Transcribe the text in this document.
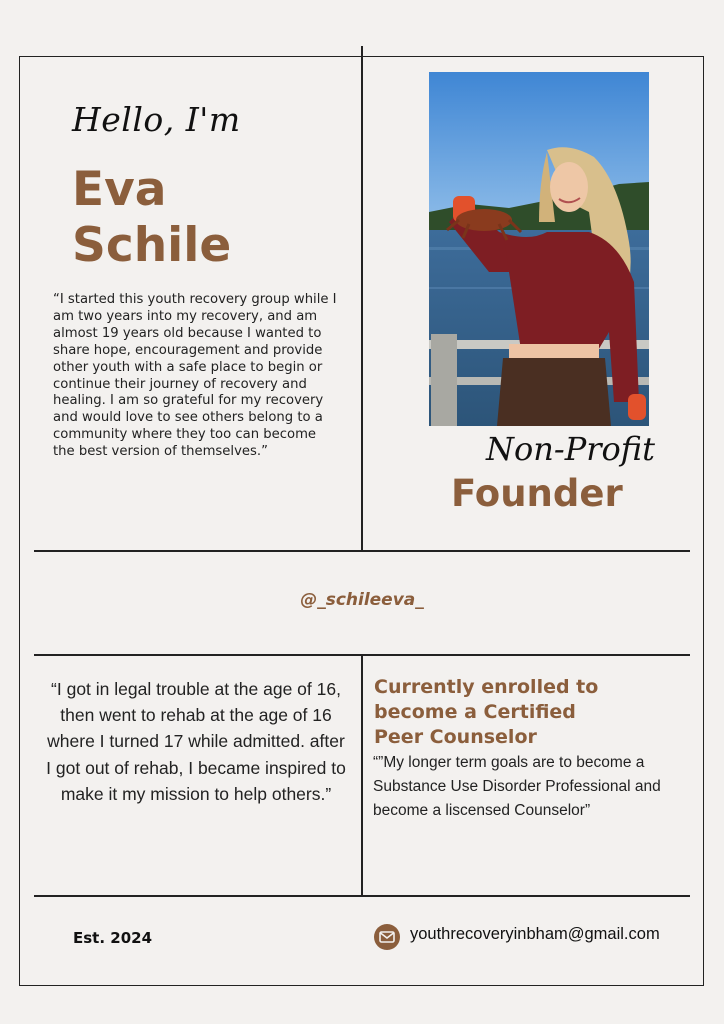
Hello, I'm
Eva
Schile
“I started this youth recovery group while I am two years into my recovery, and am almost 19 years old because I wanted to share hope, encouragement and provide other youth with a safe place to begin or continue their journey of recovery and healing. I am so grateful for my recovery and would love to see others belong to a community where they too can become the best version of themselves.”	Non-Profit
Founder
@_schileeva_
“I got in legal trouble at the age of 16, then went to rehab at the age of 16 where I turned 17 while admitted. after I got out of rehab, I became inspired to make it my mission to help others.”
Currently enrolled to
become a Certified
Peer Counselor
“”My longer term goals are to become a Substance Use Disorder Professional and become a liscensed Counselor”
Est. 2024	youthrecoveryinbham@gmail.com
